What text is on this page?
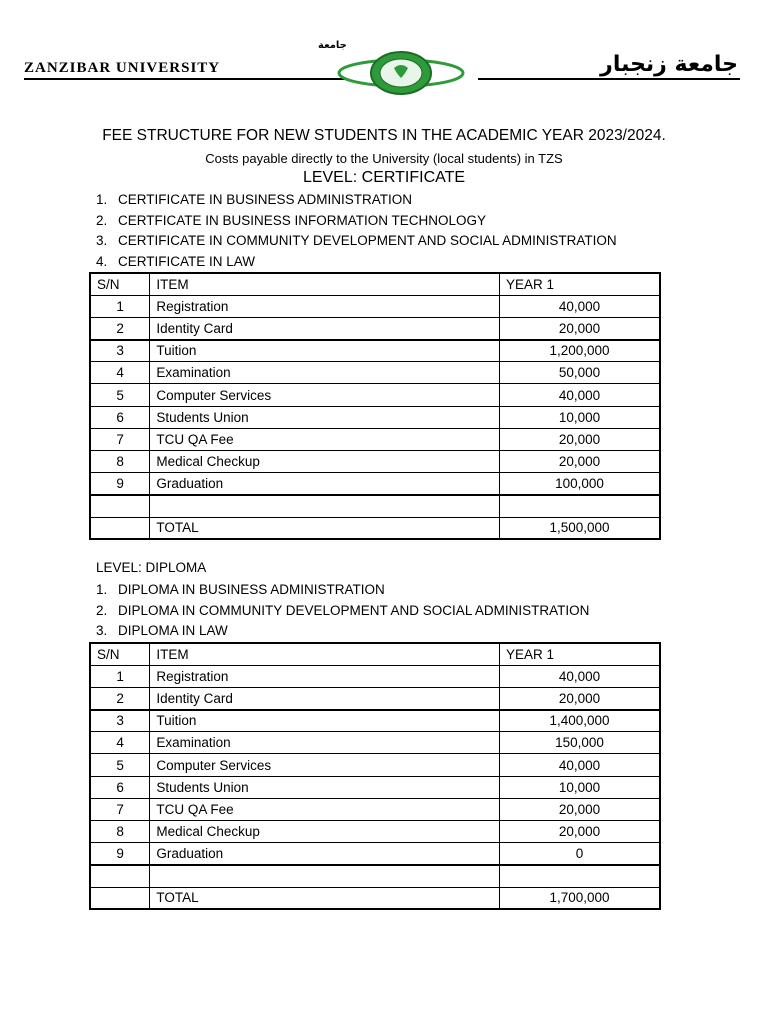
جامعة
ZANZIBAR UNIVERSITY	جامعة زنجبار
FEE STRUCTURE FOR NEW STUDENTS IN THE ACADEMIC YEAR 2023/2024.
Costs payable directly to the University (local students) in TZS
LEVEL: CERTIFICATE
1. CERTIFICATE IN BUSINESS ADMINISTRATION
2. CERTFICATE IN BUSINESS INFORMATION TECHNOLOGY
3. CERTIFICATE IN COMMUNITY DEVELOPMENT AND SOCIAL ADMINISTRATION
4. CERTIFICATE IN LAW
S/N	ITEM	YEAR 1
1	Registration	40,000
2	Identity Card	20,000
3	Tuition	1,200,000
4	Examination	50,000
5	Computer Services	40,000
6	Students Union	10,000
7	TCU QA Fee	20,000
8	Medical Checkup	20,000
9	Graduation	100,000

	TOTAL	1,500,000
LEVEL: DIPLOMA
1. DIPLOMA IN BUSINESS ADMINISTRATION
2. DIPLOMA IN COMMUNITY DEVELOPMENT AND SOCIAL ADMINISTRATION
3. DIPLOMA IN LAW
S/N	ITEM	YEAR 1
1	Registration	40,000
2	Identity Card	20,000
3	Tuition	1,400,000
4	Examination	150,000
5	Computer Services	40,000
6	Students Union	10,000
7	TCU QA Fee	20,000
8	Medical Checkup	20,000
9	Graduation	0

	TOTAL	1,700,000
